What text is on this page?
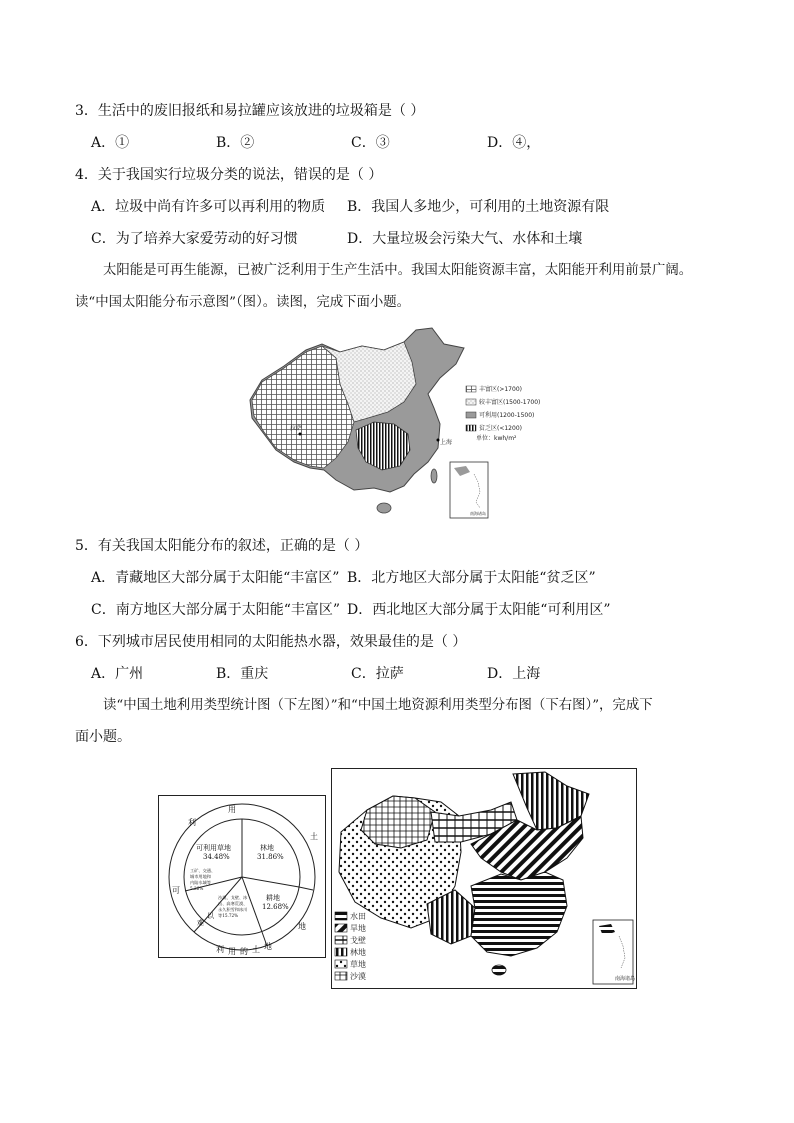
3．生活中的废旧报纸和易拉罐应该放进的垃圾箱是（ ）
A．①	B．②	C．③	D．④，
4．关于我国实行垃圾分类的说法，错误的是（ ）
A．垃圾中尚有许多可以再利用的物质 B．我国人多地少，可利用的土地资源有限
C．为了培养大家爱劳动的好习惯	D．大量垃圾会污染大气、水体和土壤
太阳能是可再生能源，已被广泛利用于生产生活中。我国太阳能资源丰富，太阳能开利用前景广阔。
读“中国太阳能分布示意图”（图）。读图，完成下面小题。
拉萨
上海
丰富区(>1700)
较丰富区(1500-1700)
可利用(1200-1500)
贫乏区(<1200)
单位：kwh/m²
南海诸岛
5．有关我国太阳能分布的叙述，正确的是（ ）
A．青藏地区大部分属于太阳能“丰富区” B．北方地区大部分属于太阳能“贫乏区”
C．南方地区大部分属于太阳能“丰富区” D．西北地区大部分属于太阳能“可利用区”
6．下列城市居民使用相同的太阳能热水器，效果最佳的是（ ）
A．广州	B．重庆	C．拉萨	D．上海
读“中国土地利用类型统计图（下左图）”和“中国土地资源利用类型分布图（下右图）”，完成下
面小题。
利
用
土
地
可
难
以
利 用 的 土 地
可利用草地
34.48%
林地
31.86%
耕地
12.68%
沙漠、戈壁、冰
山、高寒荒漠、
永久积雪和冰川
等15.72%
工矿、交通、
城市用地和
内陆水域等
5.26%
水田
旱地
戈壁
林地
草地
沙漠	南海诸岛
